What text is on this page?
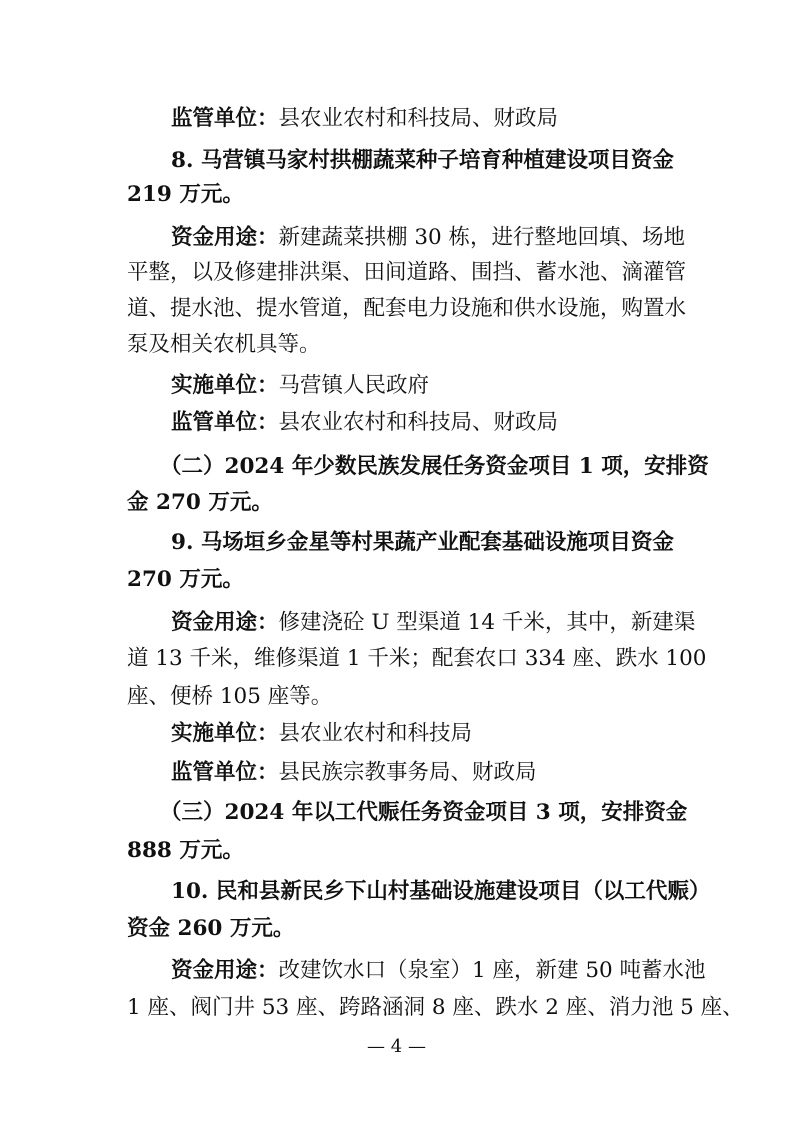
监管单位：县农业农村和科技局、财政局
8. 马营镇马家村拱棚蔬菜种子培育种植建设项目资金
219 万元。
资金用途：新建蔬菜拱棚 30 栋，进行整地回填、场地
平整，以及修建排洪渠、田间道路、围挡、蓄水池、滴灌管
道、提水池、提水管道，配套电力设施和供水设施，购置水
泵及相关农机具等。
实施单位：马营镇人民政府
监管单位：县农业农村和科技局、财政局
（二）2024 年少数民族发展任务资金项目 1 项，安排资
金 270 万元。
9. 马场垣乡金星等村果蔬产业配套基础设施项目资金
270 万元。
资金用途：修建浇砼 U 型渠道 14 千米，其中，新建渠
道 13 千米，维修渠道 1 千米；配套农口 334 座、跌水 100
座、便桥 105 座等。
实施单位：县农业农村和科技局
监管单位：县民族宗教事务局、财政局
（三）2024 年以工代赈任务资金项目 3 项，安排资金
888 万元。
10. 民和县新民乡下山村基础设施建设项目（以工代赈）
资金 260 万元。
资金用途：改建饮水口（泉室）1 座，新建 50 吨蓄水池
1 座、阀门井 53 座、跨路涵洞 8 座、跌水 2 座、消力池 5 座、
— 4 —
